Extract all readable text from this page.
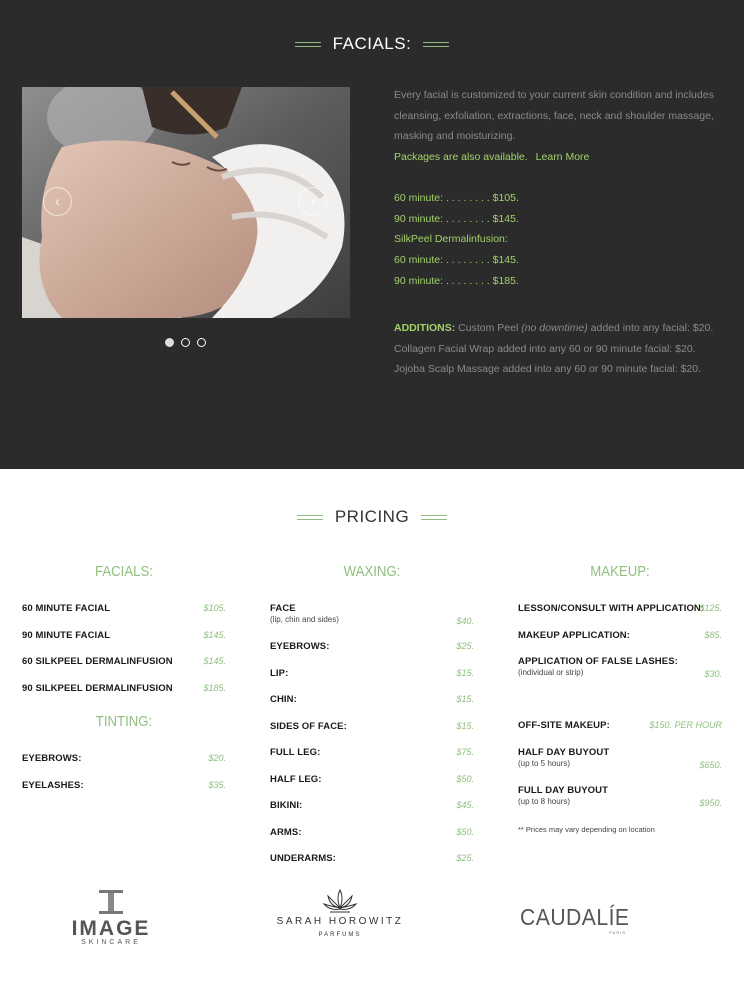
FACIALS:
‹	›
Every facial is customized to your current skin condition and includes cleansing, exfoliation, extractions, face, neck and shoulder massage, masking and moisturizing.
Packages are also available. Learn More
60 minute: . . . . . . . . $105.
90 minute: . . . . . . . . $145.
SilkPeel Dermalinfusion:
60 minute: . . . . . . . . $145.
90 minute: . . . . . . . . $185.
ADDITIONS: Custom Peel (no downtime) added into any facial: $20.
Collagen Facial Wrap added into any 60 or 90 minute facial: $20.
Jojoba Scalp Massage added into any 60 or 90 minute facial: $20.
PRICING
FACIALS:
60 MINUTE FACIAL	$105.
90 MINUTE FACIAL	$145.
60 SILKPEEL DERMALINFUSION	$145.
90 SILKPEEL DERMALINFUSION	$185.
TINTING:
EYEBROWS:	$20.
EYELASHES:	$35.
WAXING:
FACE
(lip, chin and sides)	$40.
EYEBROWS:	$25.
LIP:	$15.
CHIN:	$15.
SIDES OF FACE:	$15.
FULL LEG:	$75.
HALF LEG:	$50.
BIKINI:	$45.
ARMS:	$50.
UNDERARMS:	$25.
MAKEUP:
LESSON/CONSULT WITH APPLICATION:
$125.
MAKEUP APPLICATION:	$85.
APPLICATION OF FALSE LASHES:
(individual or strip)	$30.
OFF-SITE MAKEUP:	$150. PER HOUR
HALF DAY BUYOUT
(up to 5 hours)	$650.
FULL DAY BUYOUT
(up to 8 hours)	$950.
** Prices may vary depending on location
IMAGE
SKINCARE
SARAH HOROWITZ
PARFUMS
CAUDALÍE
PARIS
